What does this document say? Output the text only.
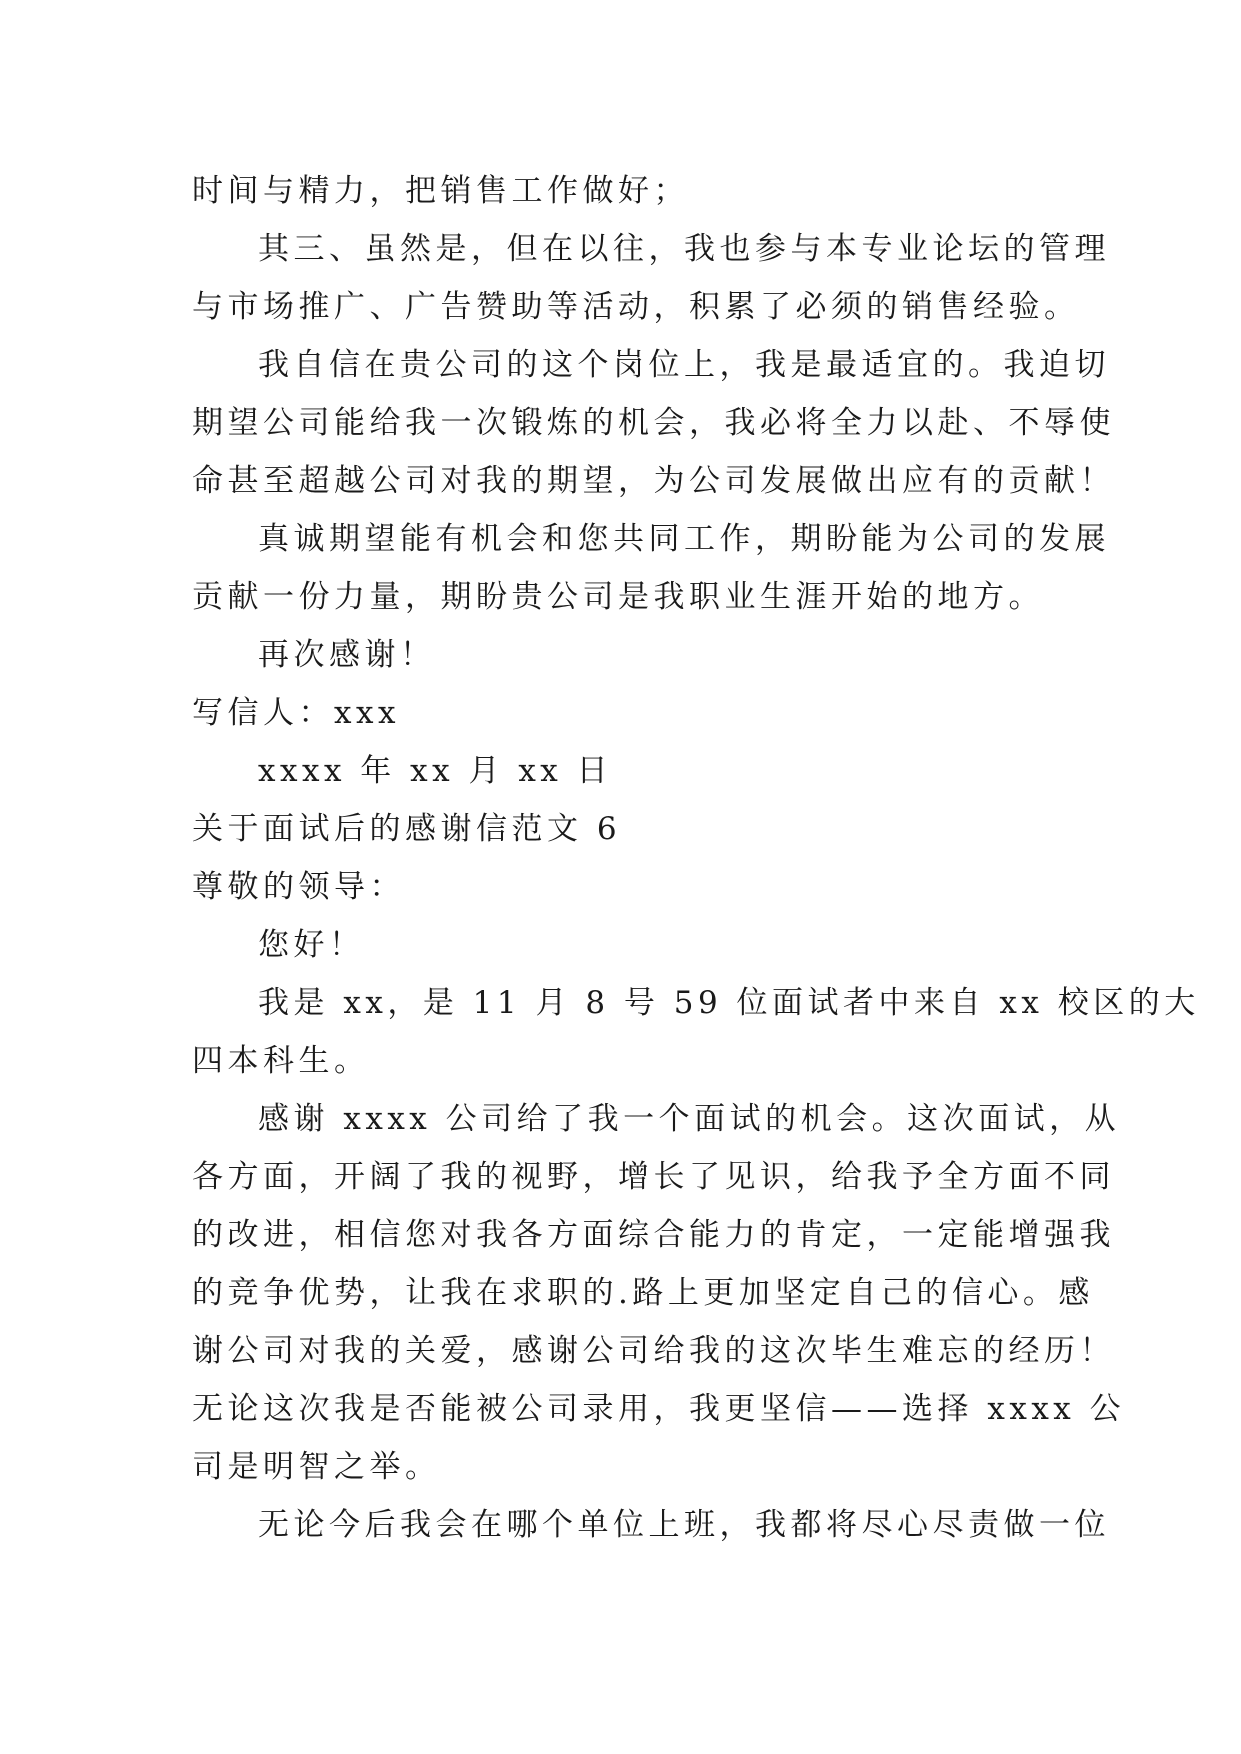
时间与精力，把销售工作做好；
其三、虽然是，但在以往，我也参与本专业论坛的管理
与市场推广、广告赞助等活动，积累了必须的销售经验。
我自信在贵公司的这个岗位上，我是最适宜的。我迫切
期望公司能给我一次锻炼的机会，我必将全力以赴、不辱使
命甚至超越公司对我的期望，为公司发展做出应有的贡献！
真诚期望能有机会和您共同工作，期盼能为公司的发展
贡献一份力量，期盼贵公司是我职业生涯开始的地方。
再次感谢！
写信人：xxx
xxxx 年 xx 月 xx 日
关于面试后的感谢信范文 6
尊敬的领导：
您好！
我是 xx，是 11 月 8 号 59 位面试者中来自 xx 校区的大
四本科生。
感谢 xxxx 公司给了我一个面试的机会。这次面试，从
各方面，开阔了我的视野，增长了见识，给我予全方面不同
的改进，相信您对我各方面综合能力的肯定，一定能增强我
的竞争优势，让我在求职的.路上更加坚定自己的信心。感
谢公司对我的关爱，感谢公司给我的这次毕生难忘的经历！
无论这次我是否能被公司录用，我更坚信——选择 xxxx 公
司是明智之举。
无论今后我会在哪个单位上班，我都将尽心尽责做一位
